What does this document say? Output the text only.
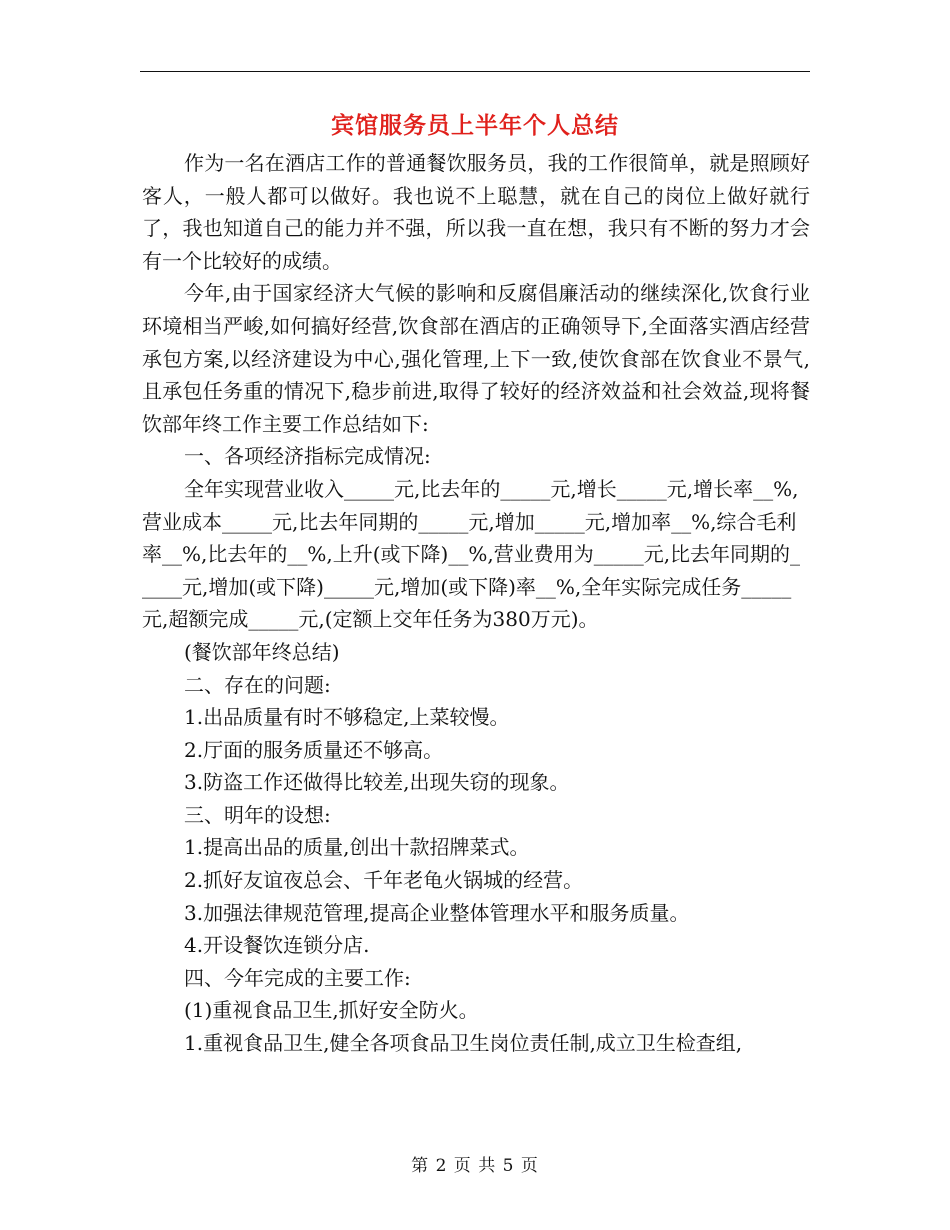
宾馆服务员上半年个人总结

作为一名在酒店工作的普通餐饮服务员，我的工作很简单，就是照顾好客人，一般人都可以做好。我也说不上聪慧，就在自己的岗位上做好就行了，我也知道自己的能力并不强，所以我一直在想，我只有不断的努力才会有一个比较好的成绩。

今年,由于国家经济大气候的影响和反腐倡廉活动的继续深化,饮食行业环境相当严峻,如何搞好经营,饮食部在酒店的正确领导下,全面落实酒店经营承包方案,以经济建设为中心,强化管理,上下一致,使饮食部在饮食业不景气,且承包任务重的情况下,稳步前进,取得了较好的经济效益和社会效益,现将餐饮部年终工作主要工作总结如下:

一、各项经济指标完成情况:

全年实现营业收入_____元,比去年的_____元,增长_____元,增长率__%,营业成本_____元,比去年同期的_____元,增加_____元,增加率__%,综合毛利率__%,比去年的__%,上升(或下降)__%,营业费用为_____元,比去年同期的_____元,增加(或下降)_____元,增加(或下降)率__%,全年实际完成任务_____元,超额完成_____元,(定额上交年任务为380万元)。

(餐饮部年终总结)

二、存在的问题:

1.出品质量有时不够稳定,上菜较慢。

2.厅面的服务质量还不够高。

3.防盗工作还做得比较差,出现失窃的现象。

三、明年的设想:

1.提高出品的质量,创出十款招牌菜式。

2.抓好友谊夜总会、千年老龟火锅城的经营。

3.加强法律规范管理,提高企业整体管理水平和服务质量。

4.开设餐饮连锁分店.

四、今年完成的主要工作:

(1)重视食品卫生,抓好安全防火。

1.重视食品卫生,健全各项食品卫生岗位责任制,成立卫生检查组,

第 2 页 共 5 页
